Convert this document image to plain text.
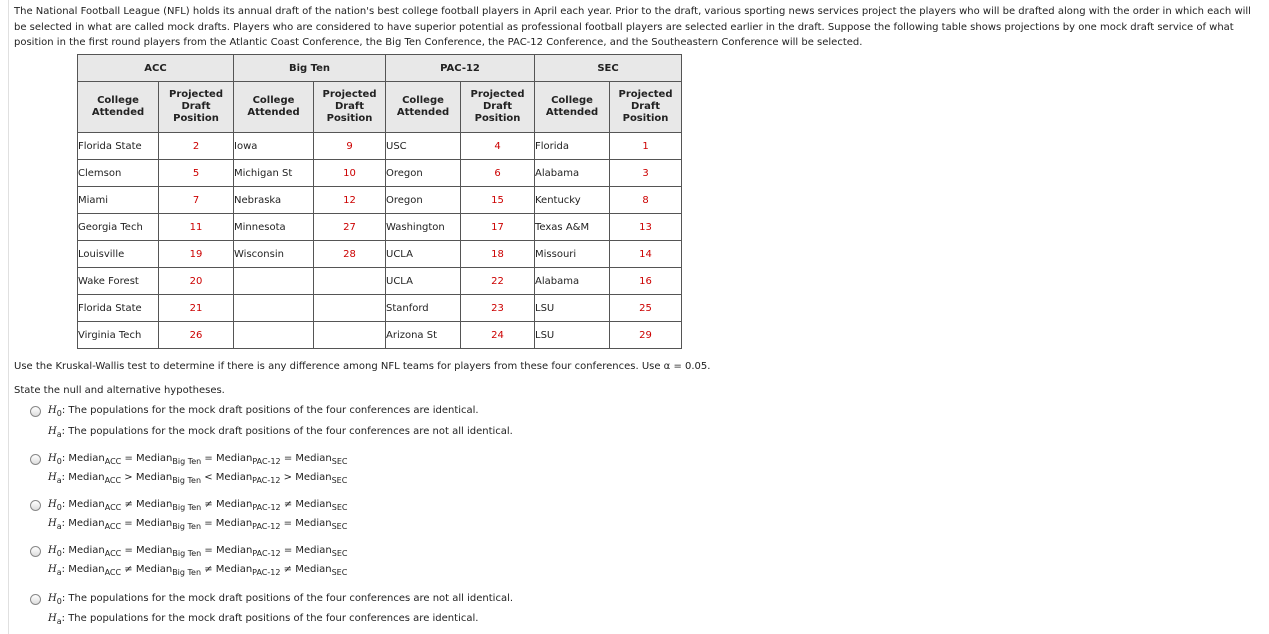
The National Football League (NFL) holds its annual draft of the nation's best college football players in April each year. Prior to the draft, various sporting news services project the players who will be drafted along with the order in which each will be selected in what are called mock drafts. Players who are considered to have superior potential as professional football players are selected earlier in the draft. Suppose the following table shows projections by one mock draft service of what position in the first round players from the Atlantic Coast Conference, the Big Ten Conference, the PAC-12 Conference, and the Southeastern Conference will be selected.
ACC		Big Ten		PAC-12		SEC	
College Attended	Projected Draft Position	College Attended	Projected Draft Position	College Attended	Projected Draft Position	College Attended	Projected Draft Position
Florida State	2	Iowa	9	USC	4	Florida	1
Clemson	5	Michigan St	10	Oregon	6	Alabama	3
Miami	7	Nebraska	12	Oregon	15	Kentucky	8
Georgia Tech	11	Minnesota	27	Washington	17	Texas A&M	13
Louisville	19	Wisconsin	28	UCLA	18	Missouri	14
Wake Forest	20			UCLA	22	Alabama	16
Florida State	21			Stanford	23	LSU	25
Virginia Tech	26			Arizona St	24	LSU	29
Use the Kruskal-Wallis test to determine if there is any difference among NFL teams for players from these four conferences. Use α = 0.05.
State the null and alternative hypotheses.
$H_0$: The populations for the mock draft positions of the four conferences are identical.
$H_a$: The populations for the mock draft positions of the four conferences are not all identical.
$H_0$: Median$_{ACC}$ = Median$_{Big Ten}$ = Median$_{PAC-12}$ = Median$_{SEC}$
$H_a$: Median$_{ACC}$ > Median$_{Big Ten}$ < Median$_{PAC-12}$ > Median$_{SEC}$
$H_0$: Median$_{ACC}$ ≠ Median$_{Big Ten}$ ≠ Median$_{PAC-12}$ ≠ Median$_{SEC}$
$H_a$: Median$_{ACC}$ = Median$_{Big Ten}$ = Median$_{PAC-12}$ = Median$_{SEC}$
$H_0$: Median$_{ACC}$ = Median$_{Big Ten}$ = Median$_{PAC-12}$ = Median$_{SEC}$
$H_a$: Median$_{ACC}$ ≠ Median$_{Big Ten}$ ≠ Median$_{PAC-12}$ ≠ Median$_{SEC}$
$H_0$: The populations for the mock draft positions of the four conferences are not all identical.
$H_a$: The populations for the mock draft positions of the four conferences are identical.
